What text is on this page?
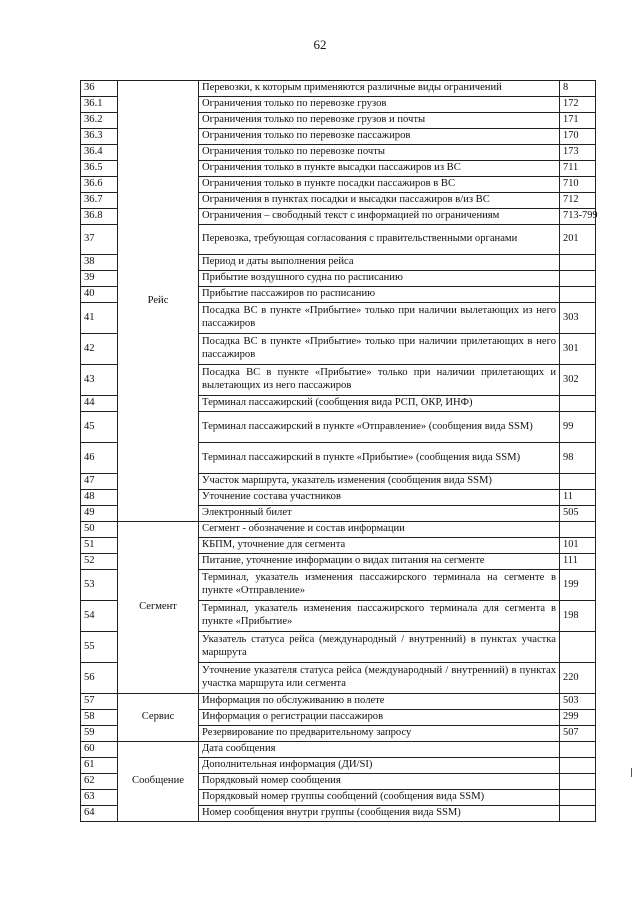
62
36	Рейс	Перевозки, к которым применяются различные виды ограничений	8
36.1		Ограничения только по перевозке грузов	172
36.2		Ограничения только по перевозке грузов и почты	171
36.3		Ограничения только по перевозке пассажиров	170
36.4		Ограничения только по перевозке почты	173
36.5		Ограничения только в пункте высадки пассажиров из ВС	711
36.6		Ограничения только в пункте посадки пассажиров в ВС	710
36.7		Ограничения в пунктах посадки и высадки пассажиров в/из ВС	712
36.8		Ограничения – свободный текст с информацией по ограничениям	713-799
37		Перевозка, требующая согласования с правительственными органами	201
38		Период и даты выполнения рейса	
39		Прибытие воздушного судна по расписанию	
40		Прибытие пассажиров по расписанию	
41		Посадка ВС в пункте «Прибытие» только при наличии вылетающих из него пассажиров	303
42		Посадка ВС в пункте «Прибытие» только при наличии прилетающих в него пассажиров	301
43		Посадка ВС в пункте «Прибытие» только при наличии прилетающих и вылетающих из него пассажиров	302
44		Терминал пассажирский (сообщения вида РСП, ОКР, ИНФ)	
45		Терминал пассажирский в пункте «Отправление» (сообщения вида SSM)	99
46		Терминал пассажирский в пункте «Прибытие» (сообщения вида SSM)	98
47		Участок маршрута, указатель изменения (сообщения вида SSM)	
48		Уточнение состава участников	11
49		Электронный билет	505
50	Сегмент	Сегмент - обозначение и состав информации	
51		КБПМ, уточнение для сегмента	101
52		Питание, уточнение информации о видах питания на сегменте	111
53		Терминал, указатель изменения пассажирского терминала на сегменте в пункте «Отправление»	199
54		Терминал, указатель изменения пассажирского терминала для сегмента в пункте «Прибытие»	198
55		Указатель статуса рейса (международный / внутренний) в пунктах участка маршрута	
56		Уточнение указателя статуса рейса (международный / внутренний) в пунктах участка маршрута или сегмента	220
57	Сервис	Информация по обслуживанию в полете	503
58		Информация о регистрации пассажиров	299
59		Резервирование по предварительному запросу	507
60	Сообщение	Дата сообщения	
61		Дополнительная информация (ДИ/SI)	
62		Порядковый номер сообщения	
63		Порядковый номер группы сообщений (сообщения вида SSM)	
64		Номер сообщения внутри группы (сообщения вида SSM)	
